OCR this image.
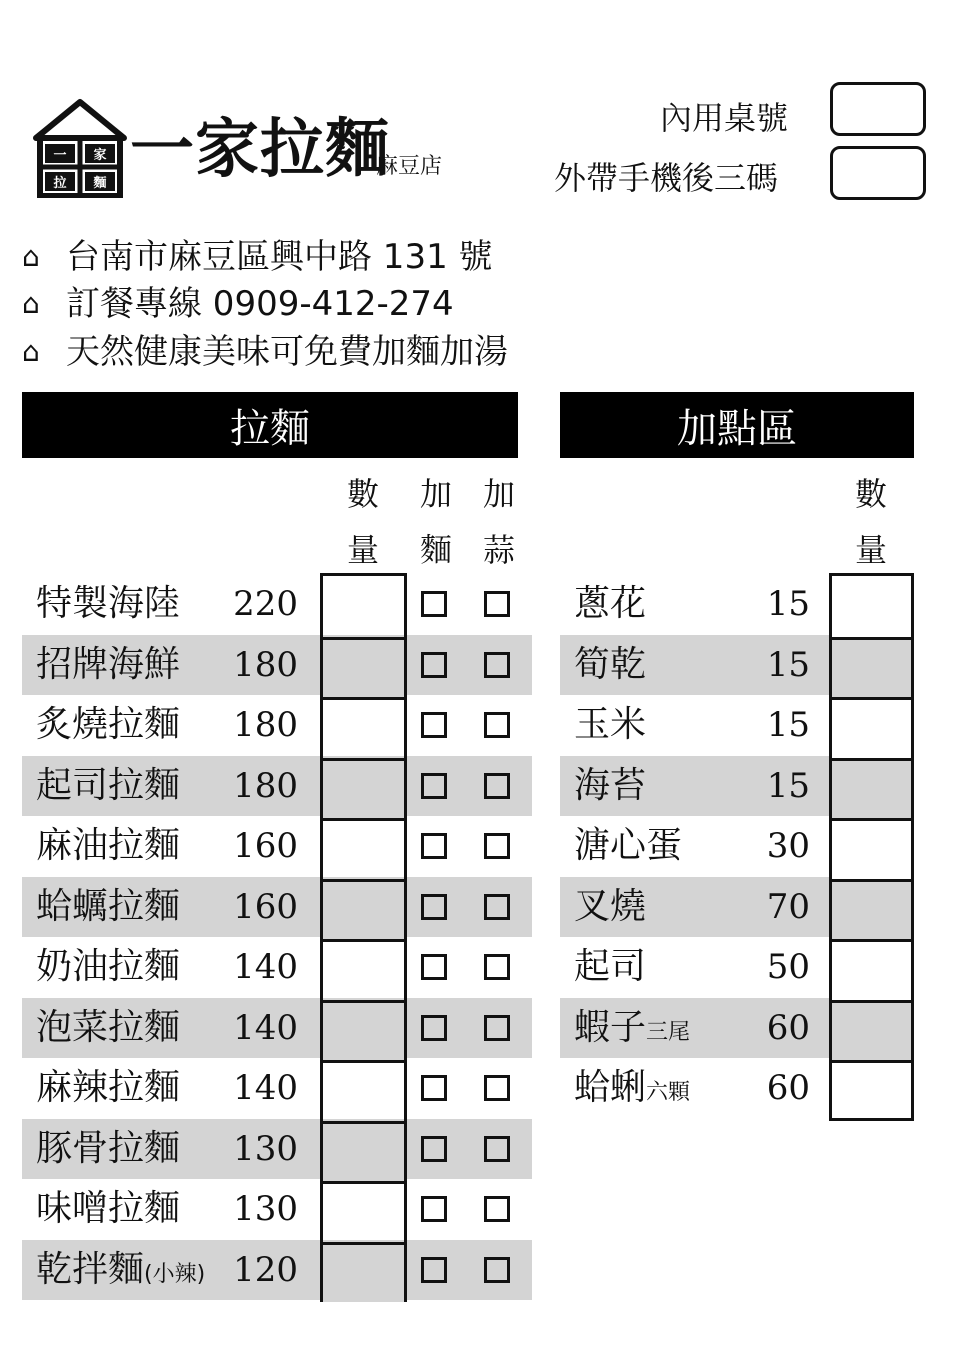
一 家
拉 麵 一家拉麵
麻豆店
內用桌號
外帶手機後三碼
⌂ 台南市麻豆區興中路 131 號
⌂ 訂餐專線 0909-412-274
⌂ 天然健康美味可免費加麵加湯
拉麵	加點區
數
量
加
麵
加
蒜
數
量
特製海陸 220
招牌海鮮 180
炙燒拉麵 180
起司拉麵 180
麻油拉麵 160
蛤蠣拉麵 160
奶油拉麵 140
泡菜拉麵 140
麻辣拉麵 140
豚骨拉麵 130
味噌拉麵 130
乾拌麵(小辣) 120
蔥花	15
筍乾	15
玉米	15
海苔	15
溏心蛋 30
叉燒	70
起司	50
蝦子三尾 60
蛤蜊六顆 60
